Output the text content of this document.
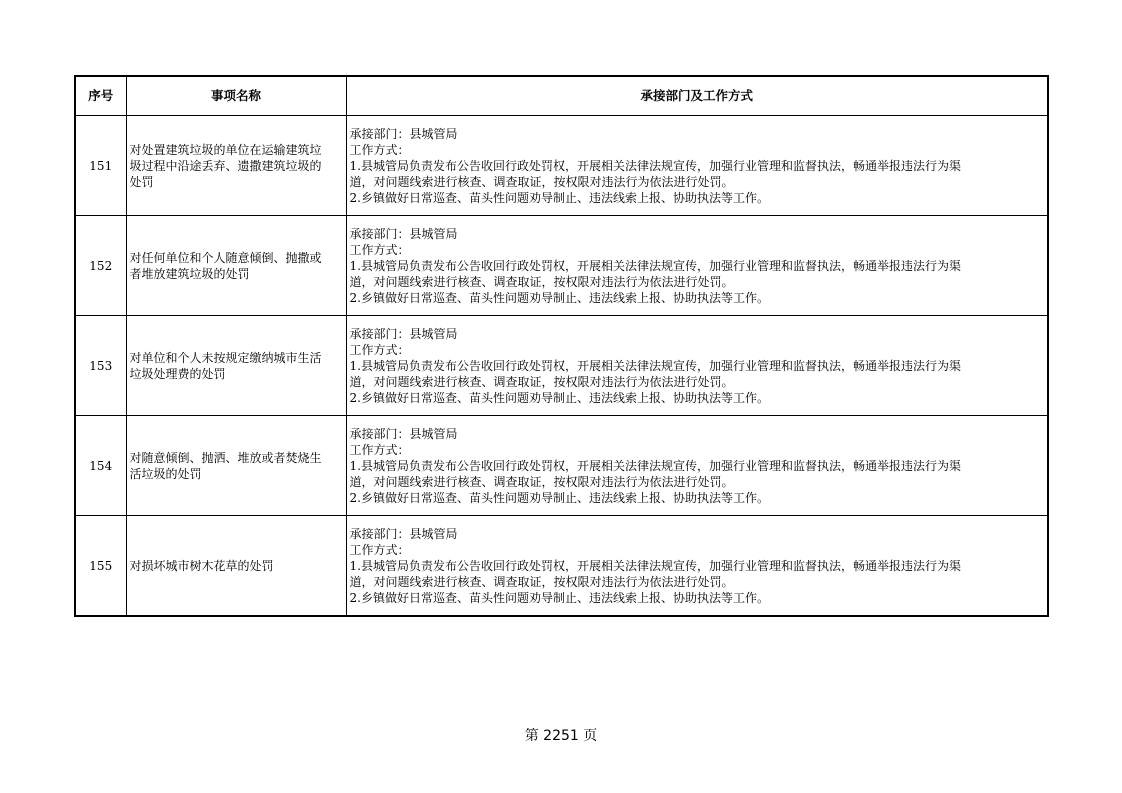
序号	事项名称	承接部门及工作方式
151	对处置建筑垃圾的单位在运输建筑垃
圾过程中沿途丢弃、遗撒建筑垃圾的
处罚	承接部门：县城管局
工作方式：
1.县城管局负责发布公告收回行政处罚权，开展相关法律法规宣传，加强行业管理和监督执法，畅通举报违法行为渠
道，对问题线索进行核查、调查取证，按权限对违法行为依法进行处罚。
2.乡镇做好日常巡查、苗头性问题劝导制止、违法线索上报、协助执法等工作。

152	对任何单位和个人随意倾倒、抛撒或
者堆放建筑垃圾的处罚	承接部门：县城管局
工作方式：
1.县城管局负责发布公告收回行政处罚权，开展相关法律法规宣传，加强行业管理和监督执法，畅通举报违法行为渠
道，对问题线索进行核查、调查取证，按权限对违法行为依法进行处罚。
2.乡镇做好日常巡查、苗头性问题劝导制止、违法线索上报、协助执法等工作。

153	对单位和个人未按规定缴纳城市生活
垃圾处理费的处罚	承接部门：县城管局
工作方式：
1.县城管局负责发布公告收回行政处罚权，开展相关法律法规宣传，加强行业管理和监督执法，畅通举报违法行为渠
道，对问题线索进行核查、调查取证，按权限对违法行为依法进行处罚。
2.乡镇做好日常巡查、苗头性问题劝导制止、违法线索上报、协助执法等工作。

154	对随意倾倒、抛洒、堆放或者焚烧生
活垃圾的处罚	承接部门：县城管局
工作方式：
1.县城管局负责发布公告收回行政处罚权，开展相关法律法规宣传，加强行业管理和监督执法，畅通举报违法行为渠
道，对问题线索进行核查、调查取证，按权限对违法行为依法进行处罚。
2.乡镇做好日常巡查、苗头性问题劝导制止、违法线索上报、协助执法等工作。

155	对损坏城市树木花草的处罚	承接部门：县城管局
工作方式：
1.县城管局负责发布公告收回行政处罚权，开展相关法律法规宣传，加强行业管理和监督执法，畅通举报违法行为渠
道，对问题线索进行核查、调查取证，按权限对违法行为依法进行处罚。
2.乡镇做好日常巡查、苗头性问题劝导制止、违法线索上报、协助执法等工作。
第 2251 页
